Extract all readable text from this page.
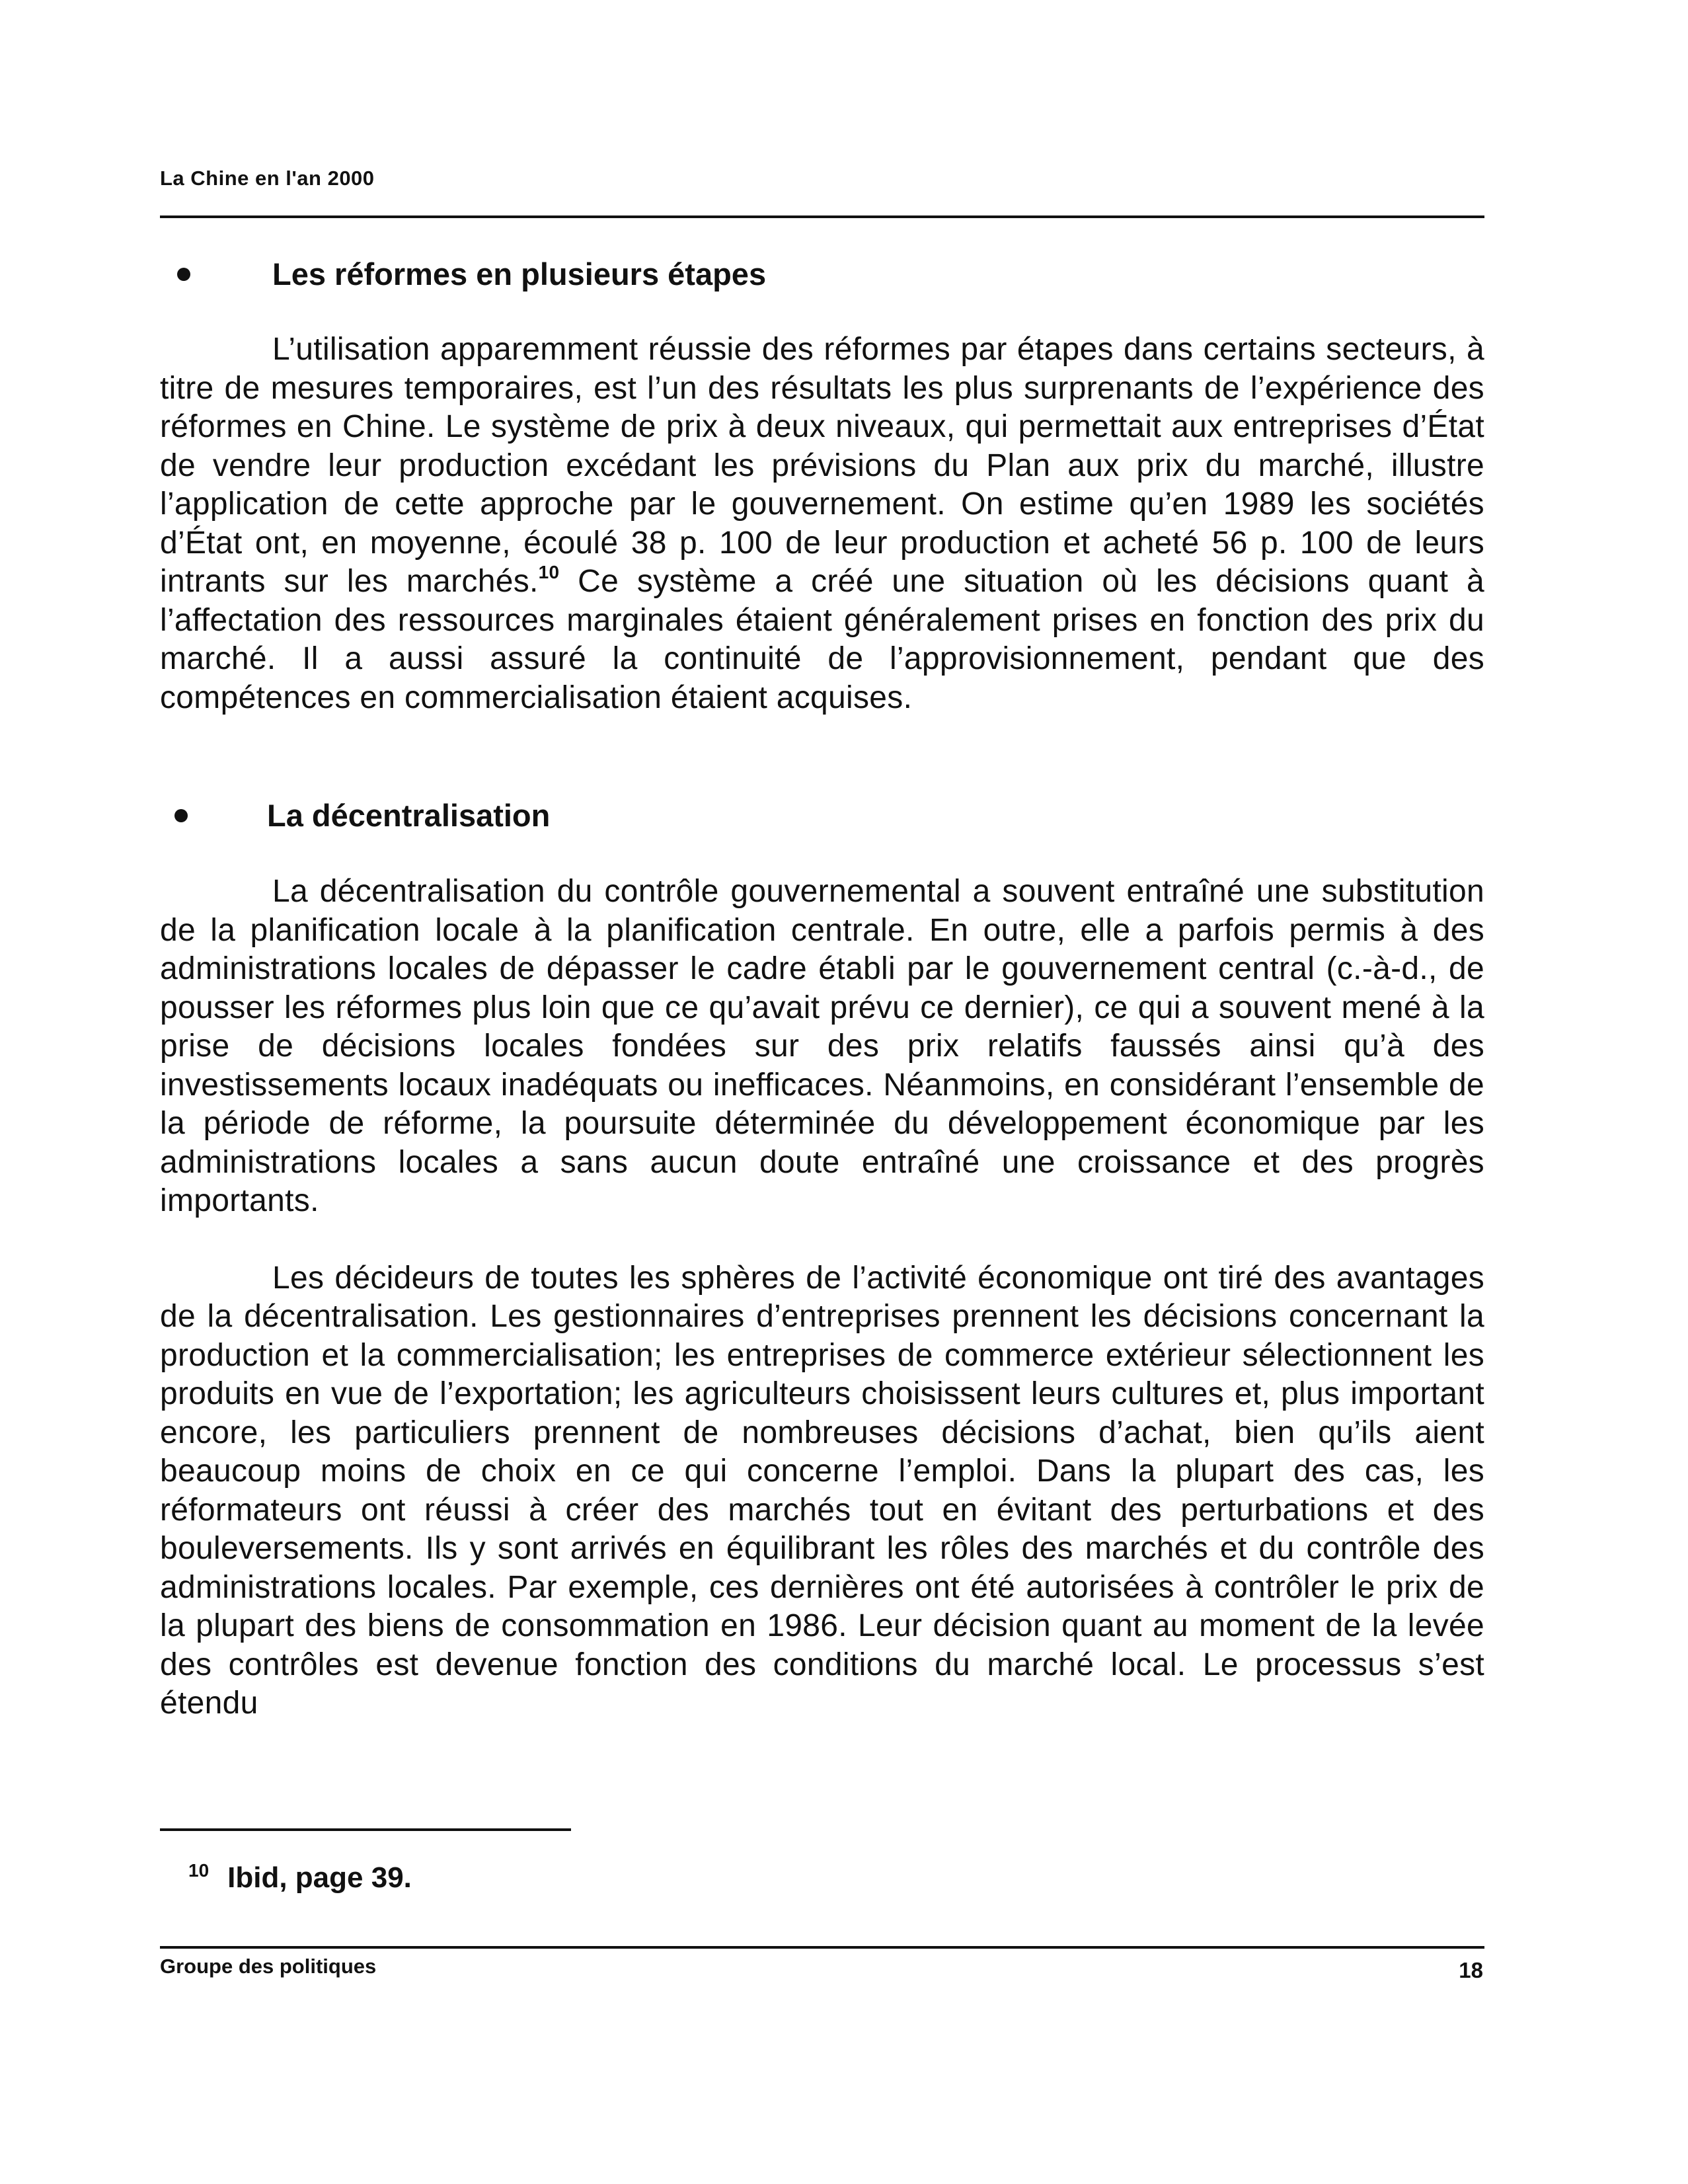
La Chine en l'an 2000
Les réformes en plusieurs étapes

L’utilisation apparemment réussie des réformes par étapes dans certains secteurs, à titre de mesures temporaires, est l’un des résultats les plus surprenants de l’expérience des réformes en Chine. Le système de prix à deux niveaux, qui permettait aux entreprises d’État de vendre leur production excédant les prévisions du Plan aux prix du marché, illustre l’application de cette approche par le gouvernement. On estime qu’en 1989 les sociétés d’État ont, en moyenne, écoulé 38 p. 100 de leur production et acheté 56 p. 100 de leurs intrants sur les marchés.$^{10}$ Ce système a créé une situation où les décisions quant à l’affectation des ressources marginales étaient généralement prises en fonction des prix du marché. Il a aussi assuré la continuité de l’approvisionnement, pendant que des compétences en commercialisation étaient acquises.

La décentralisation

La décentralisation du contrôle gouvernemental a souvent entraîné une substitution de la planification locale à la planification centrale. En outre, elle a parfois permis à des administrations locales de dépasser le cadre établi par le gouvernement central (c.-à-d., de pousser les réformes plus loin que ce qu’avait prévu ce dernier), ce qui a souvent mené à la prise de décisions locales fondées sur des prix relatifs faussés ainsi qu’à des investissements locaux inadéquats ou inefficaces. Néanmoins, en considérant l’ensemble de la période de réforme, la poursuite déterminée du développement économique par les administrations locales a sans aucun doute entraîné une croissance et des progrès importants.

Les décideurs de toutes les sphères de l’activité économique ont tiré des avantages de la décentralisation. Les gestionnaires d’entreprises prennent les décisions concernant la production et la commercialisation; les entreprises de commerce extérieur sélectionnent les produits en vue de l’exportation; les agriculteurs choisissent leurs cultures et, plus important encore, les particuliers prennent de nombreuses décisions d’achat, bien qu’ils aient beaucoup moins de choix en ce qui concerne l’emploi. Dans la plupart des cas, les réformateurs ont réussi à créer des marchés tout en évitant des perturbations et des bouleversements. Ils y sont arrivés en équilibrant les rôles des marchés et du contrôle des administrations locales. Par exemple, ces dernières ont été autorisées à contrôler le prix de la plupart des biens de consommation en 1986. Leur décision quant au moment de la levée des contrôles est devenue fonction des conditions du marché local. Le processus s’est étendu

$^{10}$ Ibid, page 39.
Groupe des politiques	18
